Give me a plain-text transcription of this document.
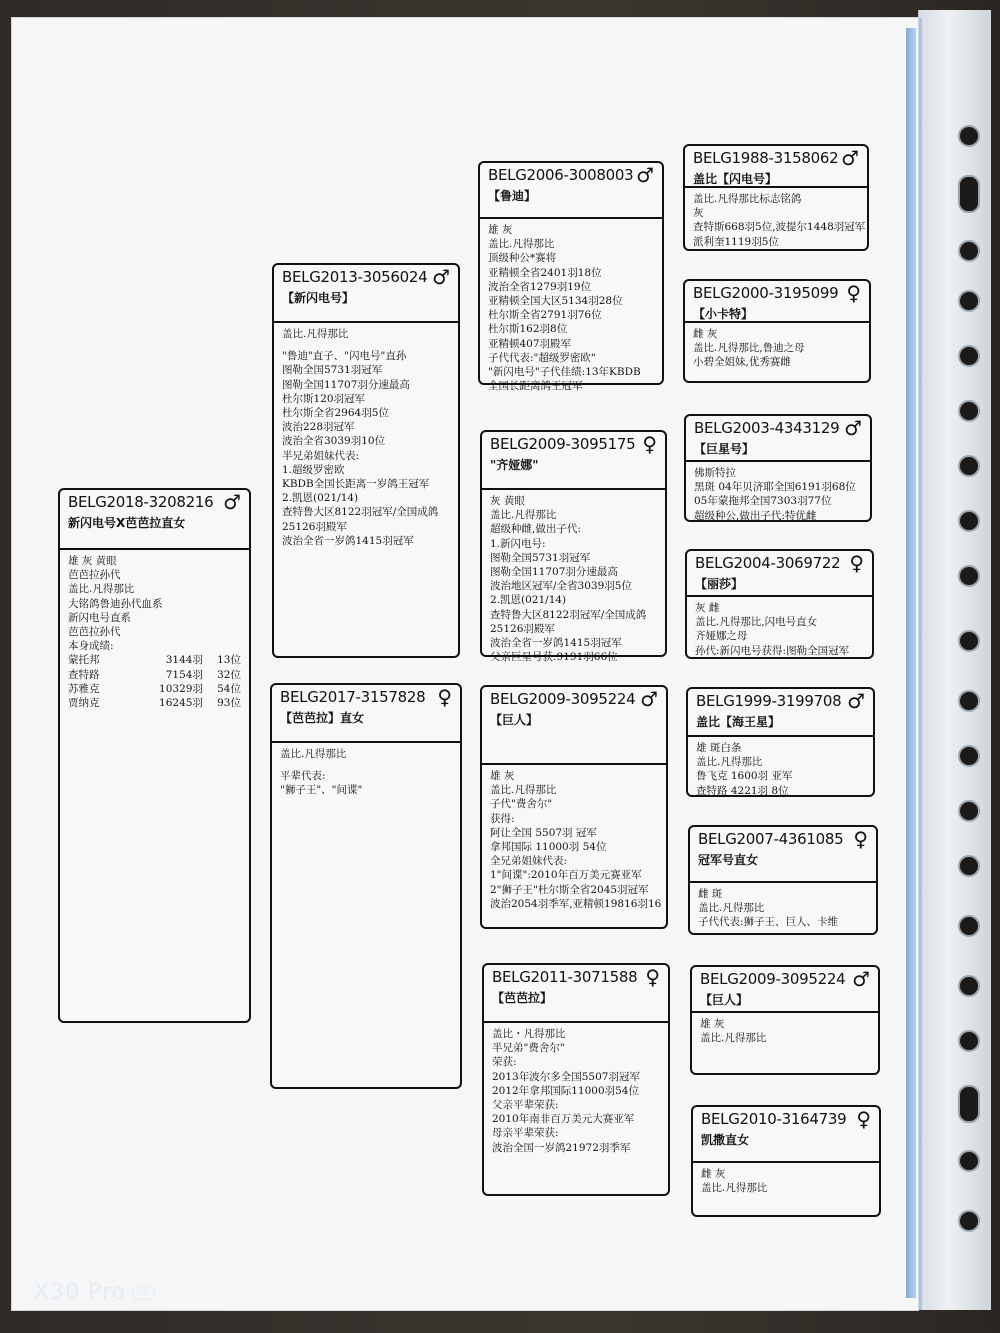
BELG2018-3208216
新闪电号X芭芭拉直女
♂
雄 灰 黄眼
芭芭拉孙代
盖比.凡得那比
大铭鸽鲁迪孙代血系
新闪电号直系
芭芭拉孙代
本身成绩:
蒙托邦	3144羽	13位
查特路	7154羽	32位
苏雅克	10329羽	54位
贾纳克	16245羽	93位
BELG2013-3056024
【新闪电号】
♂
盖比.凡得那比
"鲁迪"直子、"闪电号"直孙
图勒全国5731羽冠军
图勒全国11707羽分速最高
杜尔斯120羽冠军
杜尔斯全省2964羽5位
波治228羽冠军
波治全省3039羽10位
半兄弟姐妹代表:
1.超级罗密欧
KBDB全国长距离一岁鸽王冠军
2.凯恩(021/14)
查特鲁大区8122羽冠军/全国成鸽
25126羽殿军
波治全省一岁鸽1415羽冠军
BELG2017-3157828
【芭芭拉】直女
♀
盖比.凡得那比
平辈代表:
"狮子王"、"间谍"
BELG2006-3008003
【鲁迪】
♂
雄 灰
盖比.凡得那比
顶级种公*赛将
亚精顿全省2401羽18位
波治全省1279羽19位
亚精顿全国大区5134羽28位
杜尔斯全省2791羽76位
杜尔斯162羽8位
亚精顿407羽殿军
子代代表:"超级罗密欧"
"新闪电号"子代佳绩:13年KBDB
全国长距离鸽王冠军
BELG2009-3095175
"齐娅娜"
♀
灰 黄眼
盖比.凡得那比
超级种雌,做出子代:
1.新闪电号:
图勒全国5731羽冠军
图勒全国11707羽分速最高
波治地区冠军/全省3039羽5位
2.凯恩(021/14)
查特鲁大区8122羽冠军/全国成鸽
25126羽殿军
波治全省一岁鸽1415羽冠军
父亲巨星号获:9191羽66位
BELG2009-3095224
【巨人】
♂
雄 灰
盖比.凡得那比
子代"费舍尔"
获得:
阿让全国 5507羽 冠军
拿邦国际 11000羽 54位
全兄弟姐妹代表:
1"间谍":2010年百万美元赛亚军
2"狮子王"杜尔斯全省2045羽冠军
波治2054羽季军,亚精顿19816羽16
BELG2011-3071588
【芭芭拉】
♀
盖比・凡得那比
半兄弟"费舍尔"
荣获:
2013年波尔多全国5507羽冠军
2012年拿邦国际11000羽54位
父亲平辈荣获:
2010年南非百万美元大赛亚军
母亲平辈荣获:
波治全国一岁鸽21972羽季军
BELG1988-3158062
盖比【闪电号】
♂
盖比.凡得那比标志铭鸽
灰
查特斯668羽5位,波提尔1448羽冠军
派利奎1119羽5位
BELG2000-3195099
【小卡特】
♀
雌 灰
盖比.凡得那比,鲁迪之母
小碧全姐妹,优秀赛雌
BELG2003-4343129
【巨星号】
♂
佛斯特拉
黑斑 04年贝济耶全国6191羽68位
05年蒙拖邦全国7303羽77位
超级种公,做出子代:特优雌
BELG2004-3069722
【丽莎】
♀
灰 雌
盖比.凡得那比,闪电号直女
齐娅娜之母
孙代:新闪电号获得:图勒全国冠军
BELG1999-3199708
盖比【海王星】
♂
雄 斑白条
盖比.凡得那比
鲁飞克 1600羽 亚军
查特路 4221羽 8位
BELG2007-4361085
冠军号直女
♀
雌 斑
盖比.凡得那比
子代代表:狮子王、巨人、卡维
BELG2009-3095224
【巨人】
♂
雄 灰
盖比.凡得那比
BELG2010-3164739
凯撒直女
♀
雌 灰
盖比.凡得那比
X30 Pro 5G
